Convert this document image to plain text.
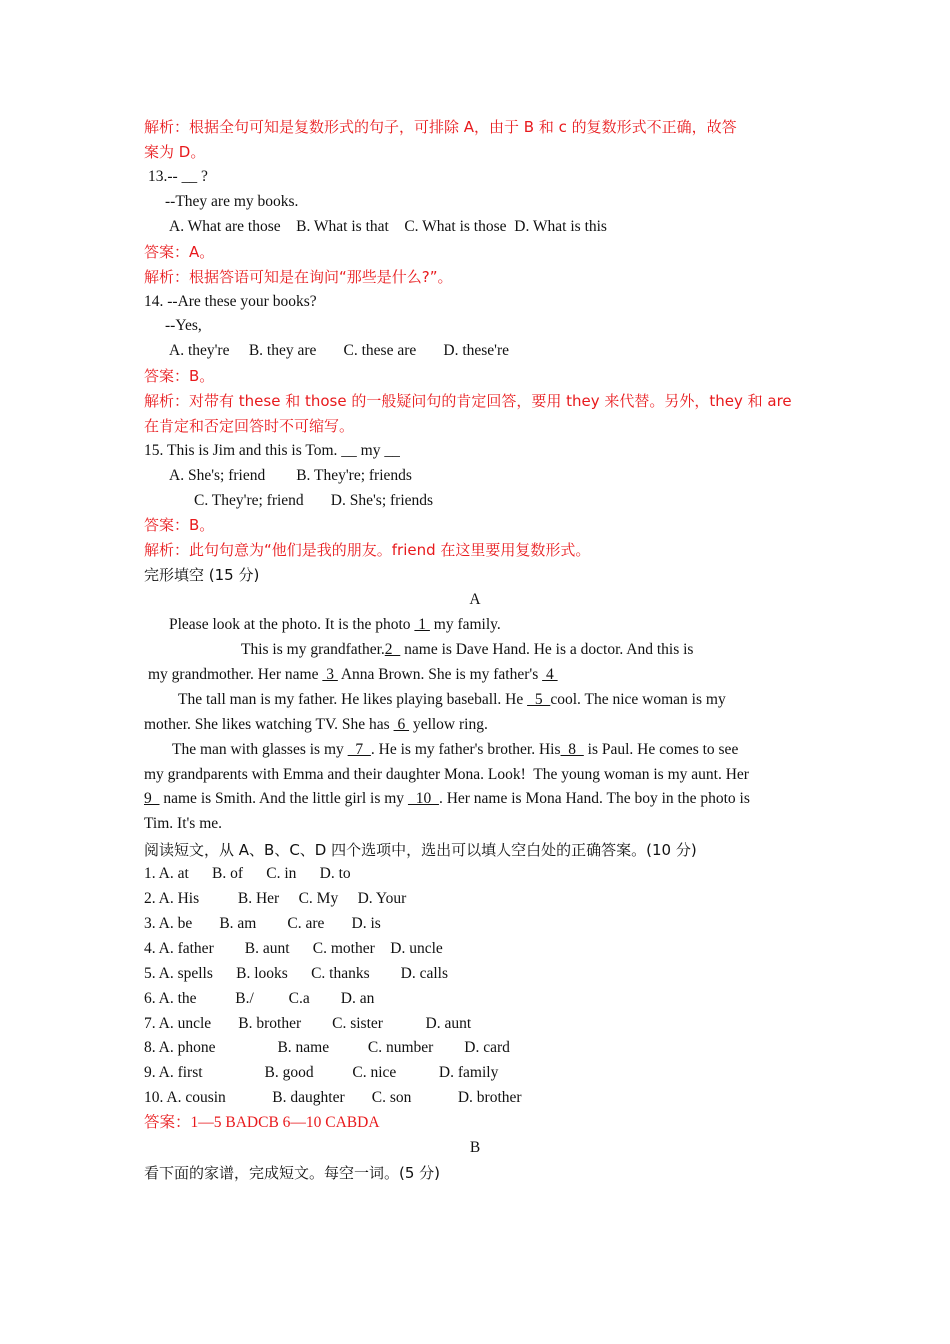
解析：根据全句可知是复数形式的句子，可排除 A，由于 B 和 c 的复数形式不正确，故答
案为 D。
13.-- __ ?
--They are my books.
A. What are those    B. What is that    C. What is those  D. What is this
答案：A。
解析：根据答语可知是在询问“那些是什么?”。
14. --Are these your books?
--Yes,
A. they're     B. they are       C. these are       D. these're
答案：B。
解析：对带有 these 和 those 的一般疑问句的肯定回答，要用 they 来代替。另外，they 和 are
在肯定和否定回答时不可缩写。
15. This is Jim and this is Tom. __ my __
A. She's; friend        B. They're; friends
C. They're; friend       D. She's; friends
答案：B。
解析：此句句意为“他们是我的朋友。friend 在这里要用复数形式。
完形填空 (15 分)
A
Please look at the photo. It is the photo  1  my family.
This is my grandfather.2   name is Dave Hand. He is a doctor. And this is
my grandmother. Her name  3  Anna Brown. She is my father's  4
The tall man is my father. He likes playing baseball. He   5  cool. The nice woman is my
mother. She likes watching TV. She has  6  yellow ring.
The man with glasses is my   7  . He is my father's brother. His  8   is Paul. He comes to see
my grandparents with Emma and their daughter Mona. Look!  The young woman is my aunt. Her
9   name is Smith. And the little girl is my   10  . Her name is Mona Hand. The boy in the photo is
Tim. It's me.
阅读短文，从 A、B、C、D 四个选项中，选出可以填人空白处的正确答案。(10 分)
1. A. at      B. of      C. in      D. to
2. A. His          B. Her     C. My     D. Your
3. A. be       B. am        C. are       D. is
4. A. father        B. aunt      C. mother    D. uncle
5. A. spells      B. looks      C. thanks        D. calls
6. A. the          B./         C.a        D. an
7. A. uncle       B. brother        C. sister           D. aunt
8. A. phone                B. name          C. number        D. card
9. A. first                B. good          C. nice           D. family
10. A. cousin            B. daughter       C. son            D. brother
答案：1—5 BADCB 6—10 CABDA
B
看下面的家谱，完成短文。每空一词。(5 分)
